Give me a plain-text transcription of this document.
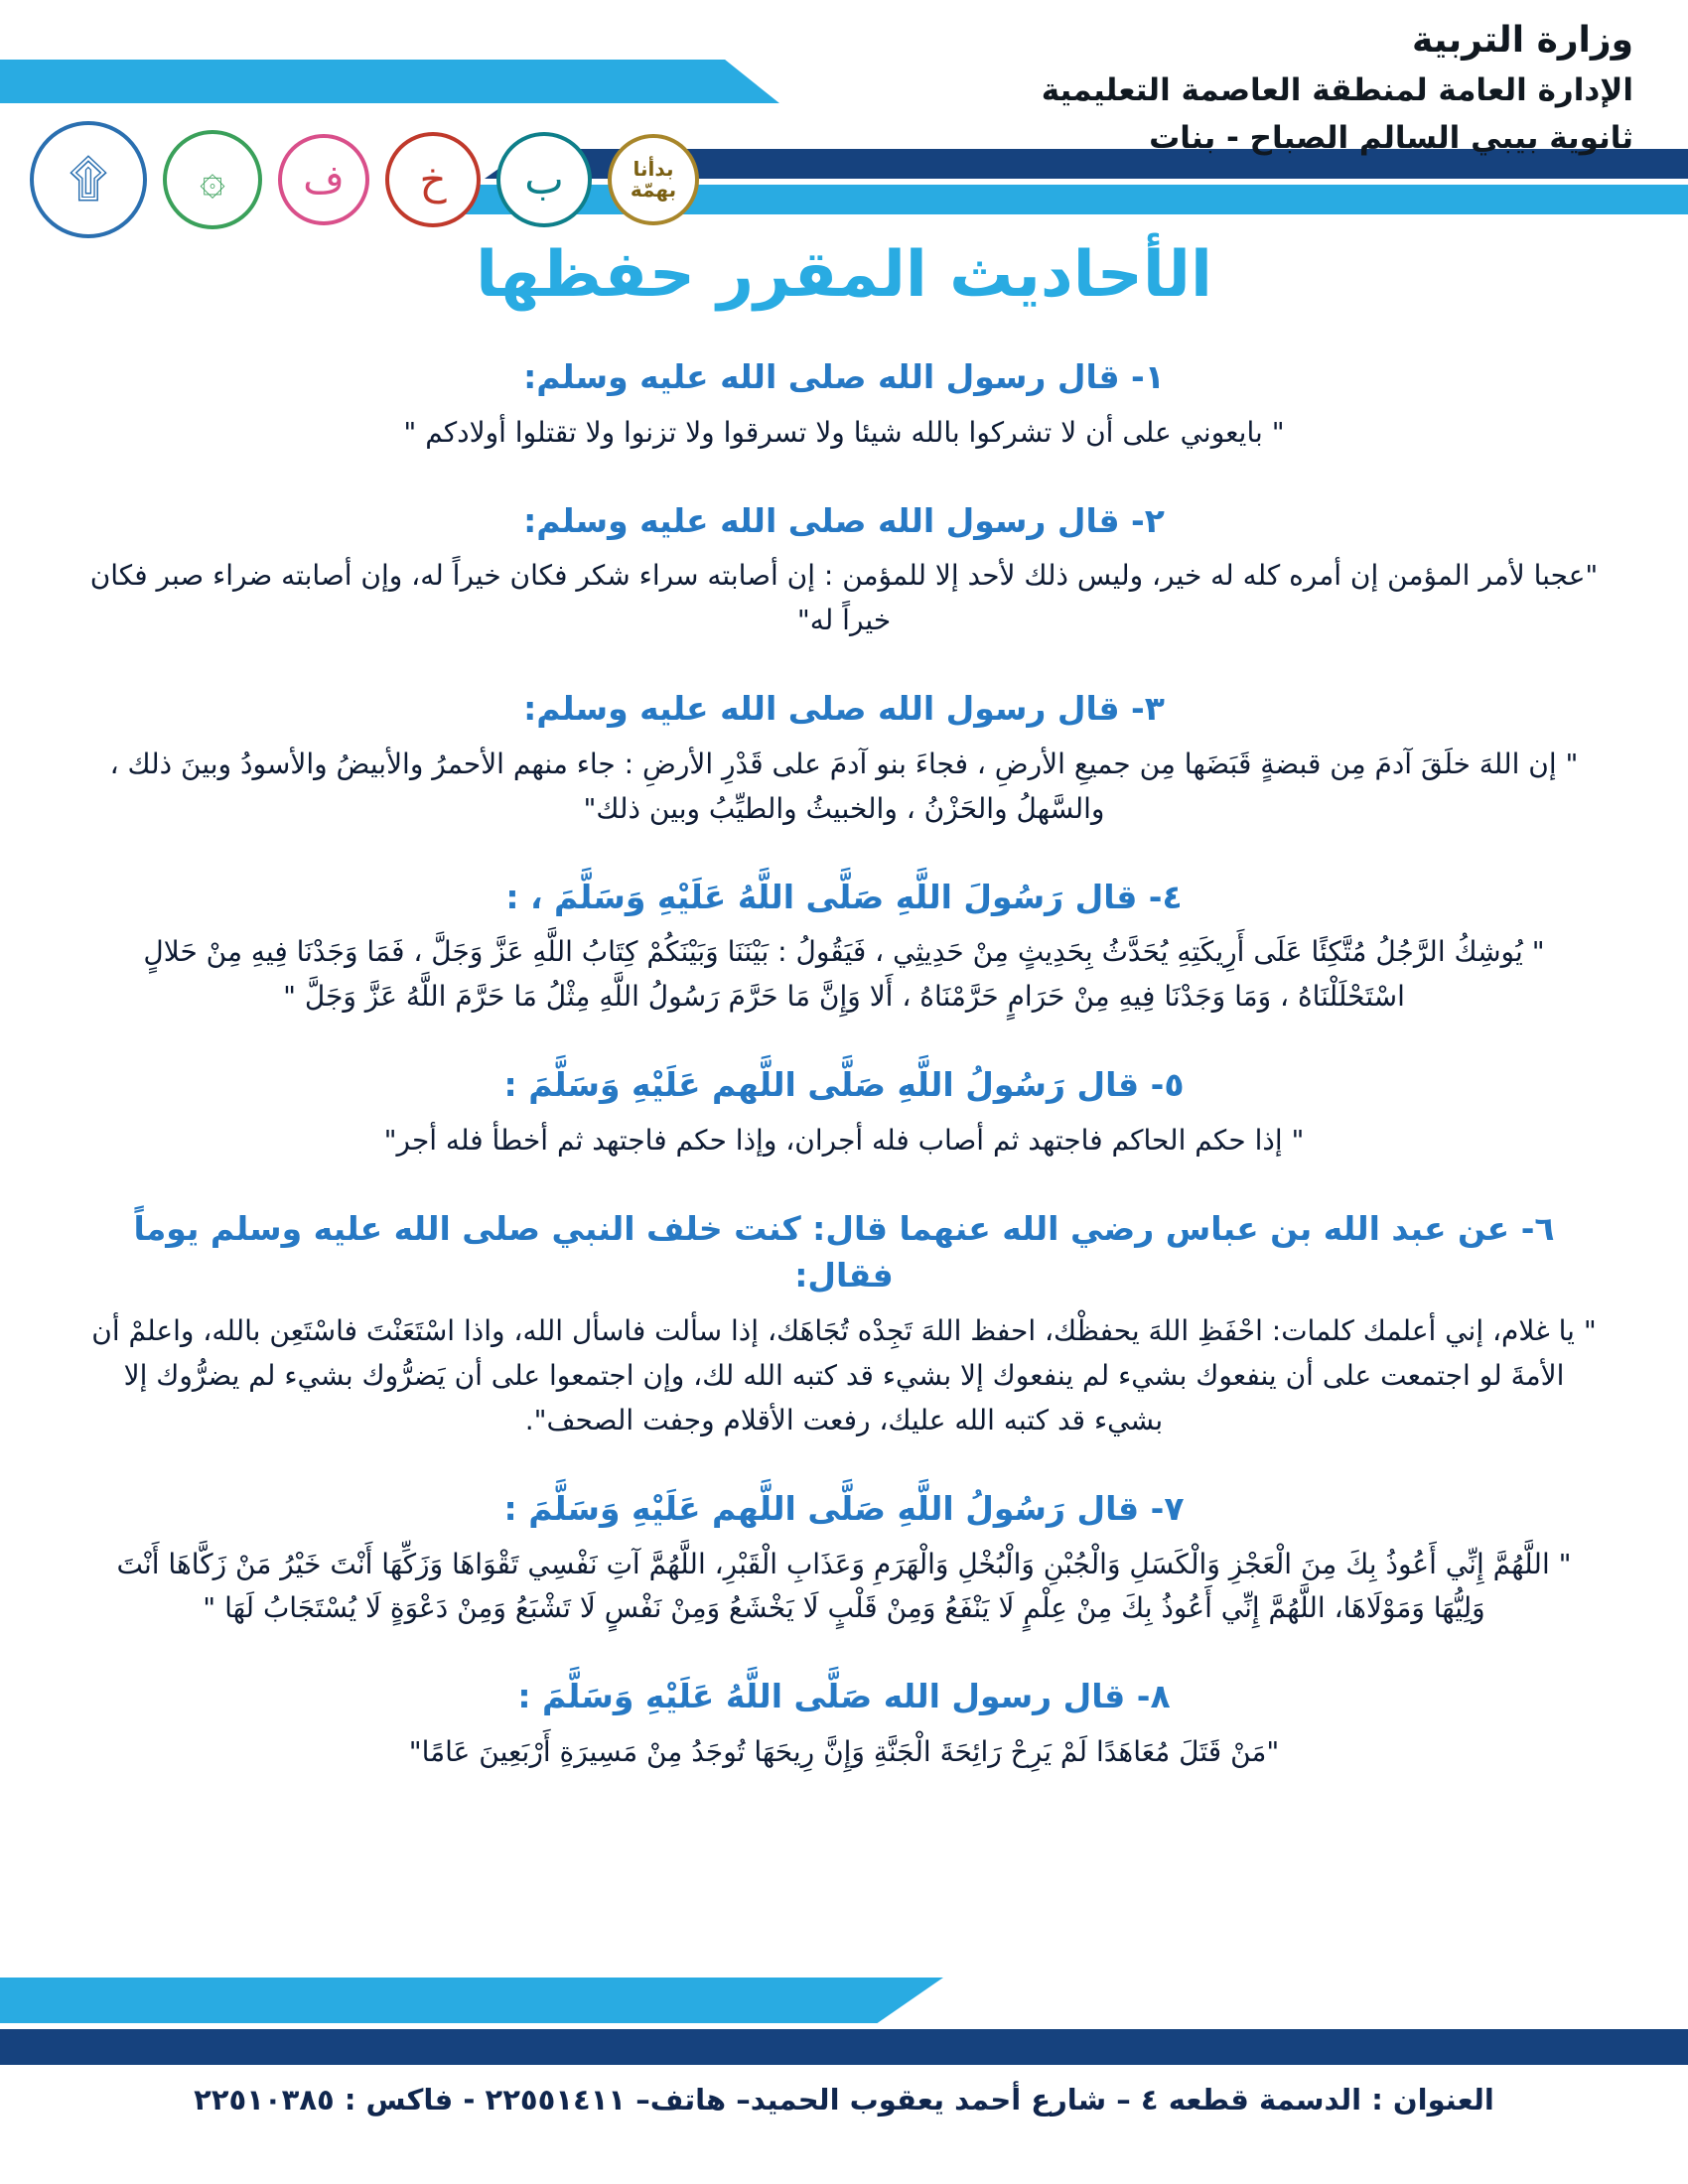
وزارة التربية
الإدارة العامة لمنطقة العاصمة التعليمية
ثانوية بيبي السالم الصباح - بنات
۩ ۞ ف خ ب	بدأنا بهمّة
الأحاديث المقرر حفظها
١- قال رسول الله صلى الله عليه وسلم:
" بايعوني على أن لا تشركوا بالله شيئا ولا تسرقوا ولا تزنوا ولا تقتلوا أولادكم "
٢- قال رسول الله صلى الله عليه وسلم:
"عجبا لأمر المؤمن إن أمره كله له خير، وليس ذلك لأحد إلا للمؤمن : إن أصابته سراء شكر فكان خيراً له، وإن أصابته ضراء صبر فكان خيراً له"
٣- قال رسول الله صلى الله عليه وسلم:
" إن اللهَ خلَقَ آدمَ مِن قبضةٍ قَبَضَها مِن جميعِ الأرضِ ، فجاءَ بنو آدمَ على قَدْرِ الأرضِ : جاء منهم الأحمرُ والأبيضُ والأسودُ وبينَ ذلك ، والسَّهلُ والحَزْنُ ، والخبيثُ والطيِّبُ وبين ذلك"
٤- قال رَسُولَ اللَّهِ صَلَّى اللَّهُ عَلَيْهِ وَسَلَّمَ ، :
" يُوشِكُ الرَّجُلُ مُتَّكِئًا عَلَى أَرِيكَتِهِ يُحَدَّثُ بِحَدِيثٍ مِنْ حَدِيثِي ، فَيَقُولُ : بَيْنَنَا وَبَيْنَكُمْ كِتَابُ اللَّهِ عَزَّ وَجَلَّ ، فَمَا وَجَدْنَا فِيهِ مِنْ حَلالٍ اسْتَحْلَلْنَاهُ ، وَمَا وَجَدْنَا فِيهِ مِنْ حَرَامٍ حَرَّمْنَاهُ ، أَلا وَإِنَّ مَا حَرَّمَ رَسُولُ اللَّهِ مِثْلُ مَا حَرَّمَ اللَّهُ عَزَّ وَجَلَّ "
٥- قال رَسُولُ اللَّهِ صَلَّى اللَّهم عَلَيْهِ وَسَلَّمَ :
" إذا حكم الحاكم فاجتهد ثم أصاب فله أجران، وإذا حكم فاجتهد ثم أخطأ فله أجر"
٦- عن عبد الله بن عباس رضي الله عنهما قال: كنت خلف النبي صلى الله عليه وسلم يوماً فقال:
" يا غلام، إني أعلمك كلمات: احْفَظِ اللهَ يحفظْك، احفظ اللهَ تَجِدْه تُجَاهَك، إذا سألت فاسأل الله، واذا اسْتَعَنْتَ فاسْتَعِن بالله، واعلمْ أن الأمةَ لو اجتمعت على أن ينفعوك بشيء لم ينفعوك إلا بشيء قد كتبه الله لك، وإن اجتمعوا على أن يَضرُّوك بشيء لم يضرُّوك إلا بشيء قد كتبه الله عليك، رفعت الأقلام وجفت الصحف".
٧- قال رَسُولُ اللَّهِ صَلَّى اللَّهم عَلَيْهِ وَسَلَّمَ :
" اللَّهُمَّ إِنِّي أَعُوذُ بِكَ مِنَ الْعَجْزِ وَالْكَسَلِ وَالْجُبْنِ وَالْبُخْلِ وَالْهَرَمِ وَعَذَابِ الْقَبْرِ، اللَّهُمَّ آتِ نَفْسِي تَقْوَاهَا وَزَكِّهَا أَنْتَ خَيْرُ مَنْ زَكَّاهَا أَنْتَ وَلِيُّهَا وَمَوْلَاهَا، اللَّهُمَّ إِنِّي أَعُوذُ بِكَ مِنْ عِلْمٍ لَا يَنْفَعُ وَمِنْ قَلْبٍ لَا يَخْشَعُ وَمِنْ نَفْسٍ لَا تَشْبَعُ وَمِنْ دَعْوَةٍ لَا يُسْتَجَابُ لَهَا "
٨- قال رسول الله صَلَّى اللَّهُ عَلَيْهِ وَسَلَّمَ :
"مَنْ قَتَلَ مُعَاهَدًا لَمْ يَرِحْ رَائِحَةَ الْجَنَّةِ وَإِنَّ رِيحَهَا تُوجَدُ مِنْ مَسِيرَةِ أَرْبَعِينَ عَامًا"
العنوان : الدسمة قطعه ٤ – شارع أحمد يعقوب الحميد– هاتف– ٢٢٥٥١٤١١ - فاكس : ٢٢٥١٠٣٨٥
